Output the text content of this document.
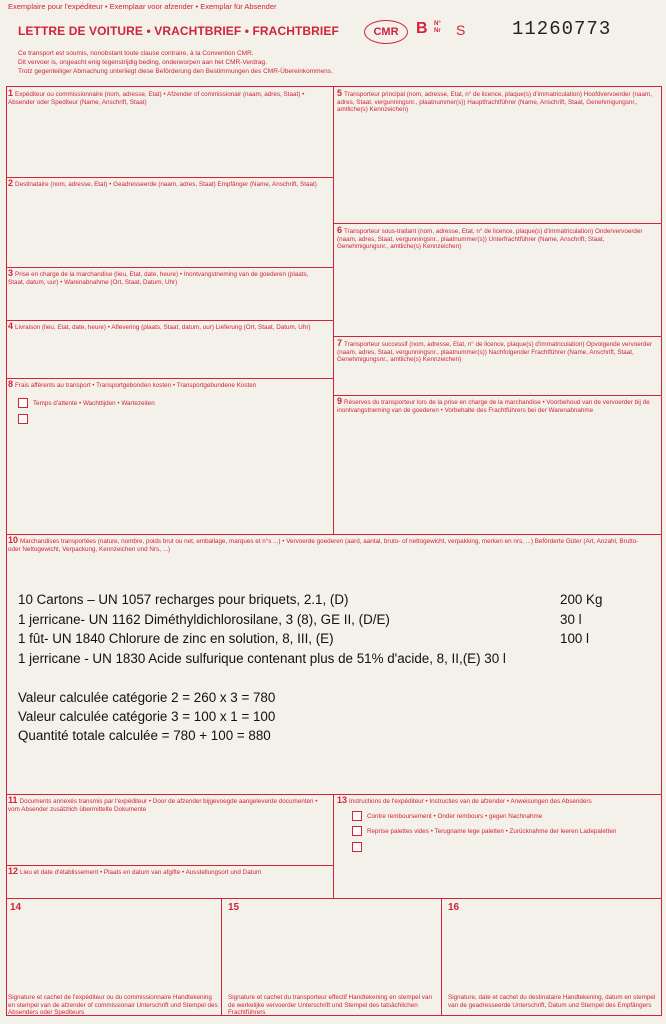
Exemplaire pour l'expéditeur • Exemplaar voor afzender • Exemplar für Absender
LETTRE DE VOITURE • VRACHTBRIEF • FRACHTBRIEF	CMR	B N°
Nr S 11260773
Ce transport est soumis, nonobstant toute clause contraire, à la Convention CMR.
Dit vervoer is, ongeacht enig tegenstrijdig beding, onderworpen aan het CMR-Verdrag.
Trotz gegenteiliger Abmachung unterliegt diese Beförderung den Bestimmungen des CMR-Übereinkommens.
1 Expéditeur ou commissionnaire (nom, adresse, Etat) • Afzender of commissionair (naam, adres, Staat) • Absender oder Spediteur (Name, Anschrift, Staat)
2 Destinataire (nom, adresse, Etat) • Geadresseerde (naam, adres, Staat) Empfänger (Name, Anschrift, Staat)
3 Prise en charge de la marchandise (lieu, Etat, date, heure) • Inontvangstneming van de goederen (plaats, Staat, datum, uur) • Warenabnahme (Ort, Staat, Datum, Uhr)
4 Livraison (lieu, Etat, date, heure) • Aflevering (plaats, Staat, datum, uur) Lieferung (Ort, Staat, Datum, Uhr)
8 Frais afférents au transport • Transportgebonden kosten • Transportgebundene Kosten
Temps d'attente • Wachttijden • Wartezeiten
5 Transporteur principal (nom, adresse, Etat, n° de licence, plaque(s) d'immatriculation) Hoofdvervoerder (naam, adres, Staat, vergunningsnr., plaatnummer(s)) Hauptfrachtführer (Name, Anschrift, Staat, Genehmigungsnr., amtliche(s) Kennzeichen)
6 Transporteur sous-traitant (nom, adresse, Etat, n° de licence, plaque(s) d'immatriculation) Ondervervoerder (naam, adres, Staat, vergunningsnr., plaatnummer(s)) Unterfrachtführer (Name, Anschrift, Staat, Genehmigungsnr., amtliche(s) Kennzeichen)
7 Transporteur successif (nom, adresse, Etat, n° de licence, plaque(s) d'immatriculation) Opvolgende vervoerder (naam, adres, Staat, vergunningsnr., plaatnummer(s)) Nachfolgender Frachtführer (Name, Anschrift, Staat, Genehmigungsnr., amtliche(s) Kennzeichen)
9 Réserves du transporteur lors de la prise en charge de la marchandise • Voorbehoud van de vervoerder bij de inontvangstneming van de goederen • Vorbehalte des Frachtführers bei der Warenabnahme
10 Marchandises transportées (nature, nombre, poids brut ou net, emballage, marques et n°s ...) • Vervoerde goederen (aard, aantal, bruto- of nettogewicht, verpakking, merken en nrs, ...) Beförderte Güter (Art, Anzahl, Brutto- oder Nettogewicht, Verpackung, Kennzeichen und Nrs, ...)
10 Cartons – UN 1057 recharges pour briquets, 2.1, (D)	200 Kg
1 jerricane- UN 1162 Diméthyldichlorosilane, 3 (8), GE II, (D/E)	30 l
1 fût- UN 1840 Chlorure de zinc en solution, 8, III, (E)	100 l
1 jerricane - UN 1830 Acide sulfurique contenant plus de 51% d'acide, 8, II,(E) 30 l
Valeur calculée catégorie 2 = 260 x 3 = 780
Valeur calculée catégorie 3 = 100 x 1 = 100
Quantité totale calculée = 780 + 100 = 880
11 Documents annexés transmis par l'expéditeur • Door de afzender bijgevoegde aangeleverde documenten • vom Absender zusätzlich übermittelte Dokumente
12 Lieu et date d'établissement • Plaats en datum van afgifte • Ausstellungsort und Datum
13 Instructions de l'expéditeur • Instructies van de afzender • Anweisungen des Absenders
Contre remboursement • Onder rembours • gegen Nachnahme
Reprise palettes vides • Terugname lege paletten • Zurücknahme der leeren Ladepaletten
14	15	16
Signature et cachet de l'expéditeur ou du commissionnaire Handtekening en stempel van de afzender of commissionair Unterschrift und Stempel des Absenders oder Spediteurs
Signature et cachet du transporteur effectif Handtekening en stempel van de werkelijke vervoerder Unterschrift und Stempel des tatsächlichen Frachtführers
Signature, date et cachet du destinataire Handtekening, datum en stempel van de geadresseerde Unterschrift, Datum und Stempel des Empfängers
